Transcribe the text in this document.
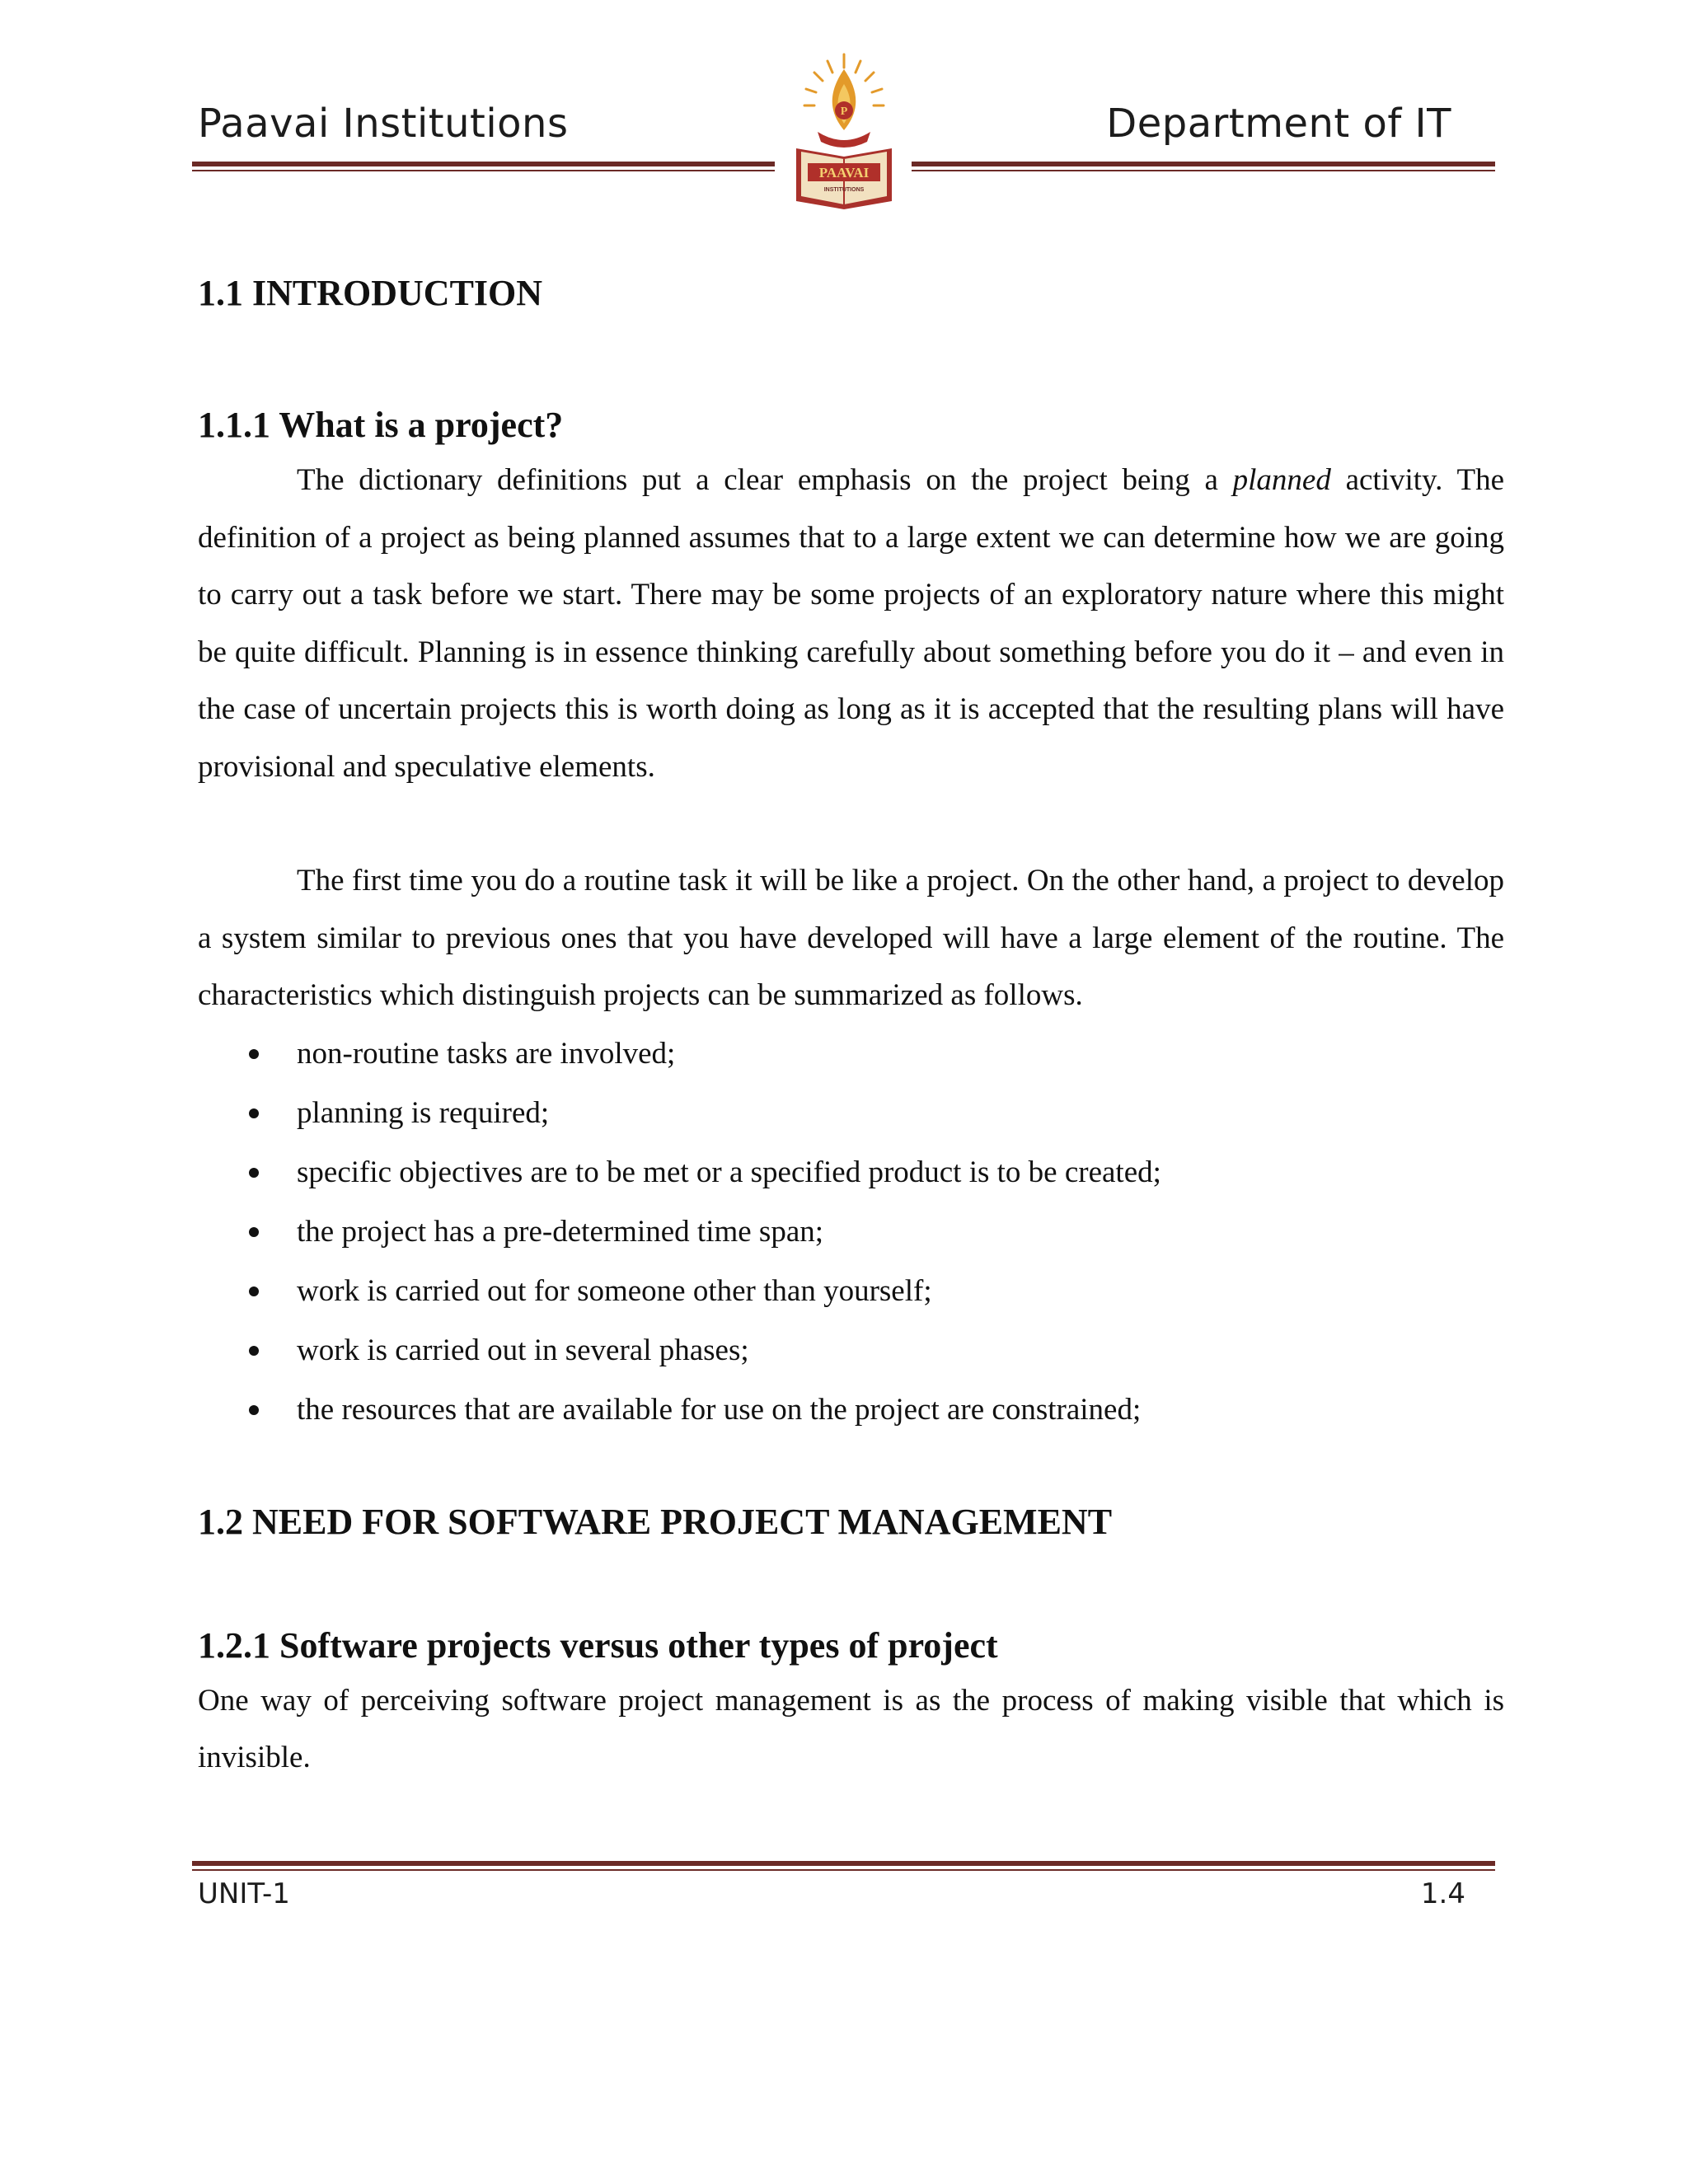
Paavai Institutions	Department of IT
P
PAAVAI
INSTITUTIONS
1.1 INTRODUCTION
1.1.1 What is a project?

The dictionary definitions put a clear emphasis on the project being a planned activity. The definition of a project as being planned assumes that to a large extent we can determine how we are going to carry out a task before we start. There may be some projects of an exploratory nature where this might be quite difficult. Planning is in essence thinking carefully about something before you do it – and even in the case of uncertain projects this is worth doing as long as it is accepted that the resulting plans will have provisional and speculative elements.

The first time you do a routine task it will be like a project. On the other hand, a project to develop a system similar to previous ones that you have developed will have a large element of the routine. The characteristics which distinguish projects can be summarized as follows.

non-routine tasks are involved;
planning is required;
specific objectives are to be met or a specified product is to be created;
the project has a pre-determined time span;
work is carried out for someone other than yourself;
work is carried out in several phases;
the resources that are available for use on the project are constrained;
1.2 NEED FOR SOFTWARE PROJECT MANAGEMENT
1.2.1 Software projects versus other types of project

One way of perceiving software project management is as the process of making visible that which is invisible.

UNIT-1	1.4
